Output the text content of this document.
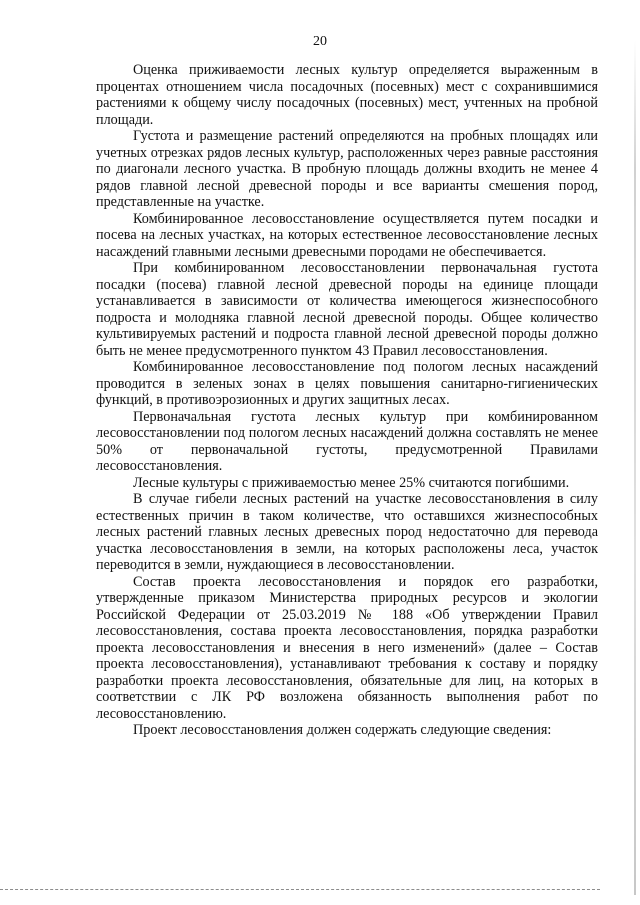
20

Оценка приживаемости лесных культур определяется выраженным в процентах отношением числа посадочных (посевных) мест с сохранившимися растениями к общему числу посадочных (посевных) мест, учтенных на пробной площади.

Густота и размещение растений определяются на пробных площадях или учетных отрезках рядов лесных культур, расположенных через равные расстояния по диагонали лесного участка. В пробную площадь должны входить не менее 4 рядов главной лесной древесной породы и все варианты смешения пород, представленные на участке.

Комбинированное лесовосстановление осуществляется путем посадки и посева на лесных участках, на которых естественное лесовосстановление лесных насаждений главными лесными древесными породами не обеспечивается.

При комбинированном лесовосстановлении первоначальная густота посадки (посева) главной лесной древесной породы на единице площади устанавливается в зависимости от количества имеющегося жизнеспособного подроста и молодняка главной лесной древесной породы. Общее количество культивируемых растений и подроста главной лесной древесной породы должно быть не менее предусмотренного пунктом 43 Правил лесовосстановления.

Комбинированное лесовосстановление под пологом лесных насаждений проводится в зеленых зонах в целях повышения санитарно-гигиенических функций, в противоэрозионных и других защитных лесах.

Первоначальная густота лесных культур при комбинированном лесовосстановлении под пологом лесных насаждений должна составлять не менее 50% от первоначальной густоты, предусмотренной Правилами лесовосстановления.

Лесные культуры с приживаемостью менее 25% считаются погибшими.

В случае гибели лесных растений на участке лесовосстановления в силу естественных причин в таком количестве, что оставшихся жизнеспособных лесных растений главных лесных древесных пород недостаточно для перевода участка лесовосстановления в земли, на которых расположены леса, участок переводится в земли, нуждающиеся в лесовосстановлении.

Состав проекта лесовосстановления и порядок его разработки, утвержденные приказом Министерства природных ресурсов и экологии Российской Федерации от 25.03.2019 № 188 «Об утверждении Правил лесовосстановления, состава проекта лесовосстановления, порядка разработки проекта лесовосстановления и внесения в него изменений» (далее – Состав проекта лесовосстановления), устанавливают требования к составу и порядку разработки проекта лесовосстановления, обязательные для лиц, на которых в соответствии с ЛК РФ возложена обязанность выполнения работ по лесовосстановлению.

Проект лесовосстановления должен содержать следующие сведения:
